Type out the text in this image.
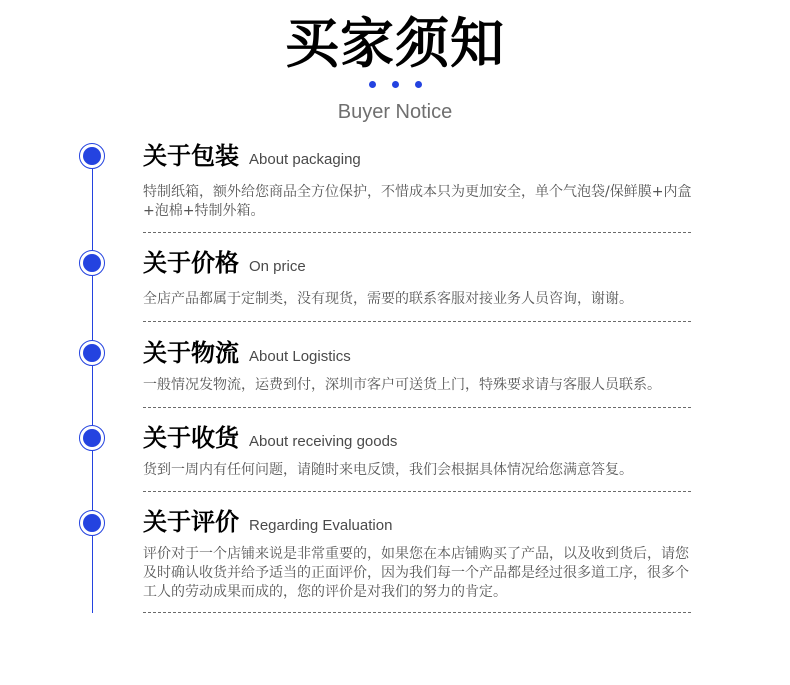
买家须知
Buyer Notice
关于包装 About packaging
特制纸箱，额外给您商品全方位保护，不惜成本只为更加安全，单个气泡袋/保鲜膜+内盒+泡棉+特制外箱。
关于价格 On price
全店产品都属于定制类，没有现货，需要的联系客服对接业务人员咨询，谢谢。
关于物流 About Logistics
一般情况发物流，运费到付，深圳市客户可送货上门，特殊要求请与客服人员联系。
关于收货 About receiving goods
货到一周内有任何问题，请随时来电反馈，我们会根据具体情况给您满意答复。
关于评价 Regarding Evaluation
评价对于一个店铺来说是非常重要的，如果您在本店铺购买了产品，以及收到货后，请您及时确认收货并给予适当的正面评价，因为我们每一个产品都是经过很多道工序，很多个工人的劳动成果而成的，您的评价是对我们的努力的肯定。
